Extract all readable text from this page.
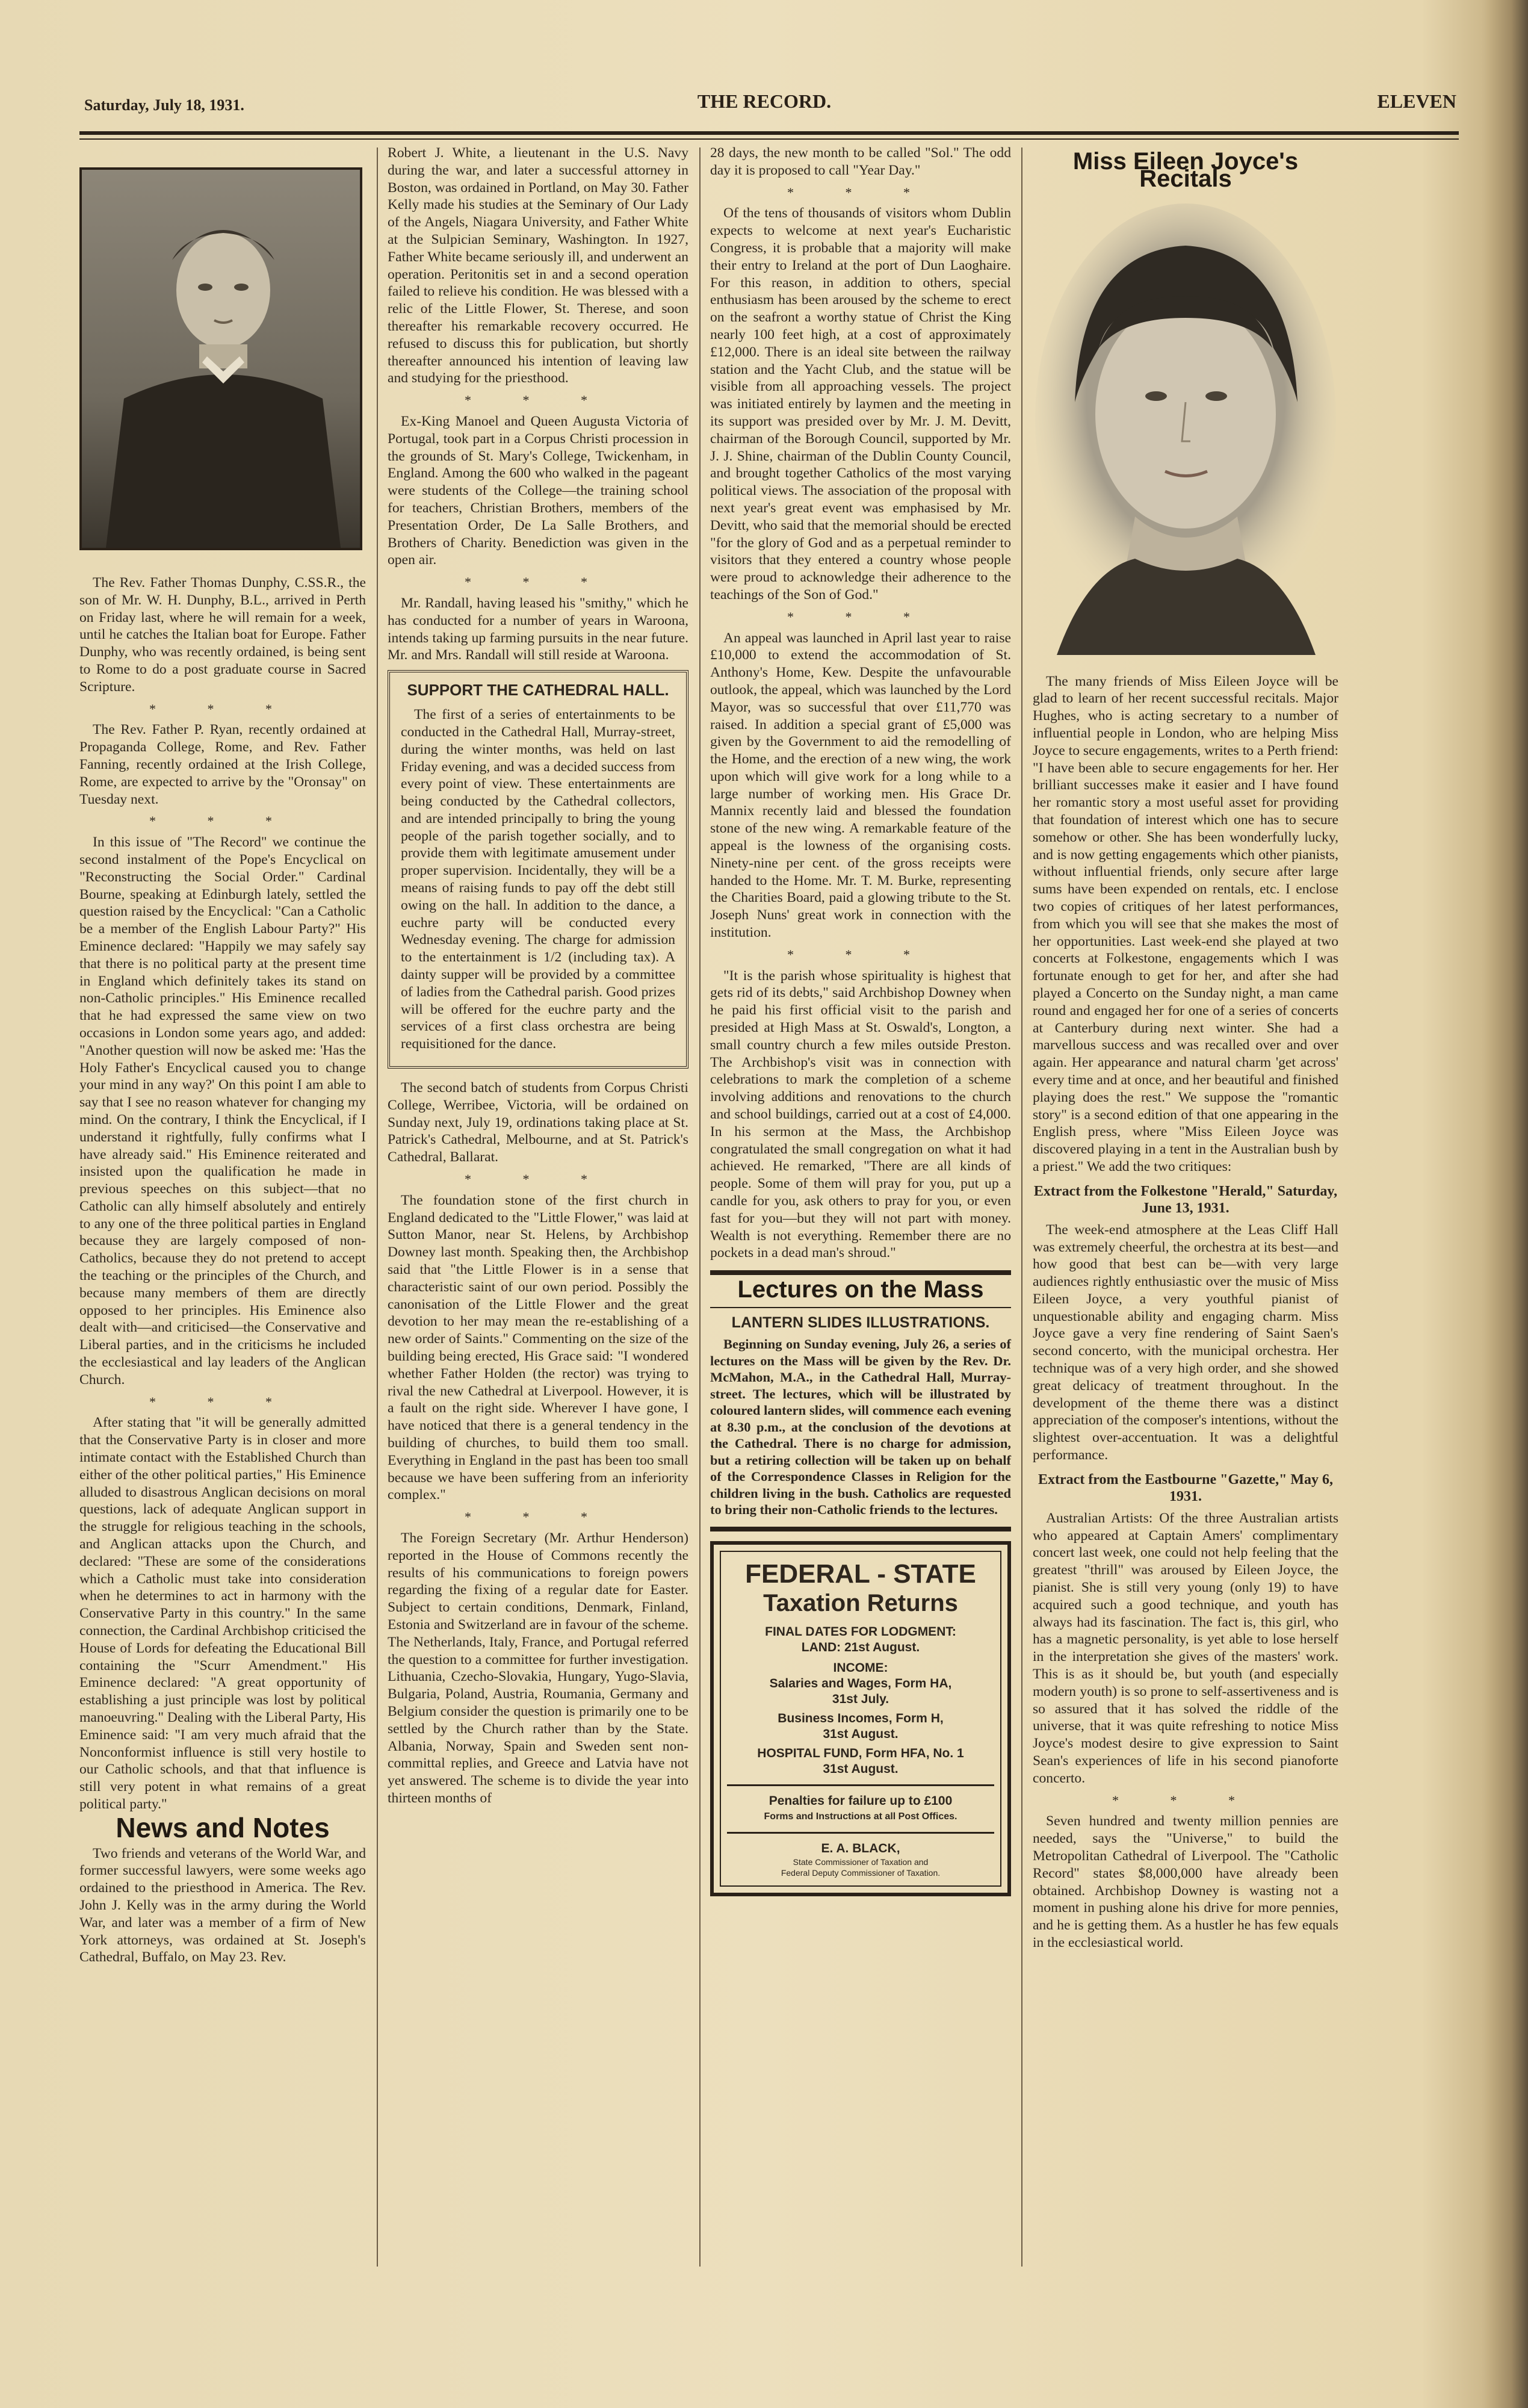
Saturday, July 18, 1931.	THE RECORD.	ELEVEN

The Rev. Father Thomas Dunphy, C.SS.R., the son of Mr. W. H. Dunphy, B.L., arrived in Perth on Friday last, where he will remain for a week, until he catches the Italian boat for Europe. Father Dunphy, who was recently ordained, is being sent to Rome to do a post graduate course in Sacred Scripture.

* * *

The Rev. Father P. Ryan, recently ordained at Propaganda College, Rome, and Rev. Father Fanning, recently ordained at the Irish College, Rome, are expected to arrive by the "Oronsay" on Tuesday next.

* * *

In this issue of "The Record" we continue the second instalment of the Pope's Encyclical on "Reconstructing the Social Order." Cardinal Bourne, speaking at Edinburgh lately, settled the question raised by the Encyclical: "Can a Catholic be a member of the English Labour Party?" His Eminence declared: "Happily we may safely say that there is no political party at the present time in England which definitely takes its stand on non-Catholic principles." His Eminence recalled that he had expressed the same view on two occasions in London some years ago, and added: "Another question will now be asked me: 'Has the Holy Father's Encyclical caused you to change your mind in any way?' On this point I am able to say that I see no reason whatever for changing my mind. On the contrary, I think the Encyclical, if I understand it rightfully, fully confirms what I have already said." His Eminence reiterated and insisted upon the qualification he made in previous speeches on this subject—that no Catholic can ally himself absolutely and entirely to any one of the three political parties in England because they are largely composed of non-Catholics, because they do not pretend to accept the teaching or the principles of the Church, and because many members of them are directly opposed to her principles. His Eminence also dealt with—and criticised—the Conservative and Liberal parties, and in the criticisms he included the ecclesiastical and lay leaders of the Anglican Church.

* * *

After stating that "it will be generally admitted that the Conservative Party is in closer and more intimate contact with the Established Church than either of the other political parties," His Eminence alluded to disastrous Anglican decisions on moral questions, lack of adequate Anglican support in the struggle for religious teaching in the schools, and Anglican attacks upon the Church, and declared: "These are some of the considerations which a Catholic must take into consideration when he determines to act in harmony with the Conservative Party in this country." In the same connection, the Cardinal Archbishop criticised the House of Lords for defeating the Educational Bill containing the "Scurr Amendment." His Eminence declared: "A great opportunity of establishing a just principle was lost by political manoeuvring." Dealing with the Liberal Party, His Eminence said: "I am very much afraid that the Nonconformist influence is still very hostile to our Catholic schools, and that that influence is still very potent in what remains of a great political party."

News and Notes

Two friends and veterans of the World War, and former successful lawyers, were some weeks ago ordained to the priesthood in America. The Rev. John J. Kelly was in the army during the World War, and later was a member of a firm of New York attorneys, was ordained at St. Joseph's Cathedral, Buffalo, on May 23. Rev.

Robert J. White, a lieutenant in the U.S. Navy during the war, and later a successful attorney in Boston, was ordained in Portland, on May 30. Father Kelly made his studies at the Seminary of Our Lady of the Angels, Niagara University, and Father White at the Sulpician Seminary, Washington. In 1927, Father White became seriously ill, and underwent an operation. Peritonitis set in and a second operation failed to relieve his condition. He was blessed with a relic of the Little Flower, St. Therese, and soon thereafter his remarkable recovery occurred. He refused to discuss this for publication, but shortly thereafter announced his intention of leaving law and studying for the priesthood.

* * *

Ex-King Manoel and Queen Augusta Victoria of Portugal, took part in a Corpus Christi procession in the grounds of St. Mary's College, Twickenham, in England. Among the 600 who walked in the pageant were students of the College—the training school for teachers, Christian Brothers, members of the Presentation Order, De La Salle Brothers, and Brothers of Charity. Benediction was given in the open air.

* * *

Mr. Randall, having leased his "smithy," which he has conducted for a number of years in Waroona, intends taking up farming pursuits in the near future. Mr. and Mrs. Randall will still reside at Waroona.

SUPPORT THE CATHEDRAL HALL.

The first of a series of entertainments to be conducted in the Cathedral Hall, Murray-street, during the winter months, was held on last Friday evening, and was a decided success from every point of view. These entertainments are being conducted by the Cathedral collectors, and are intended principally to bring the young people of the parish together socially, and to provide them with legitimate amusement under proper supervision. Incidentally, they will be a means of raising funds to pay off the debt still owing on the hall. In addition to the dance, a euchre party will be conducted every Wednesday evening. The charge for admission to the entertainment is 1/2 (including tax). A dainty supper will be provided by a committee of ladies from the Cathedral parish. Good prizes will be offered for the euchre party and the services of a first class orchestra are being requisitioned for the dance.

The second batch of students from Corpus Christi College, Werribee, Victoria, will be ordained on Sunday next, July 19, ordinations taking place at St. Patrick's Cathedral, Melbourne, and at St. Patrick's Cathedral, Ballarat.

* * *

The foundation stone of the first church in England dedicated to the "Little Flower," was laid at Sutton Manor, near St. Helens, by Archbishop Downey last month. Speaking then, the Archbishop said that "the Little Flower is in a sense that characteristic saint of our own period. Possibly the canonisation of the Little Flower and the great devotion to her may mean the re-establishing of a new order of Saints." Commenting on the size of the building being erected, His Grace said: "I wondered whether Father Holden (the rector) was trying to rival the new Cathedral at Liverpool. However, it is a fault on the right side. Wherever I have gone, I have noticed that there is a general tendency in the building of churches, to build them too small. Everything in England in the past has been too small because we have been suffering from an inferiority complex."

* * *

The Foreign Secretary (Mr. Arthur Henderson) reported in the House of Commons recently the results of his communications to foreign powers regarding the fixing of a regular date for Easter. Subject to certain conditions, Denmark, Finland, Estonia and Switzerland are in favour of the scheme. The Netherlands, Italy, France, and Portugal referred the question to a committee for further investigation. Lithuania, Czecho-Slovakia, Hungary, Yugo-Slavia, Bulgaria, Poland, Austria, Roumania, Germany and Belgium consider the question is primarily one to be settled by the Church rather than by the State. Albania, Norway, Spain and Sweden sent non-committal replies, and Greece and Latvia have not yet answered. The scheme is to divide the year into thirteen months of

28 days, the new month to be called "Sol." The odd day it is proposed to call "Year Day."

* * *

Of the tens of thousands of visitors whom Dublin expects to welcome at next year's Eucharistic Congress, it is probable that a majority will make their entry to Ireland at the port of Dun Laoghaire. For this reason, in addition to others, special enthusiasm has been aroused by the scheme to erect on the seafront a worthy statue of Christ the King nearly 100 feet high, at a cost of approximately £12,000. There is an ideal site between the railway station and the Yacht Club, and the statue will be visible from all approaching vessels. The project was initiated entirely by laymen and the meeting in its support was presided over by Mr. J. M. Devitt, chairman of the Borough Council, supported by Mr. J. J. Shine, chairman of the Dublin County Council, and brought together Catholics of the most varying political views. The association of the proposal with next year's great event was emphasised by Mr. Devitt, who said that the memorial should be erected "for the glory of God and as a perpetual reminder to visitors that they entered a country whose people were proud to acknowledge their adherence to the teachings of the Son of God."

* * *

An appeal was launched in April last year to raise £10,000 to extend the accommodation of St. Anthony's Home, Kew. Despite the unfavourable outlook, the appeal, which was launched by the Lord Mayor, was so successful that over £11,770 was raised. In addition a special grant of £5,000 was given by the Government to aid the remodelling of the Home, and the erection of a new wing, the work upon which will give work for a long while to a large number of working men. His Grace Dr. Mannix recently laid and blessed the foundation stone of the new wing. A remarkable feature of the appeal is the lowness of the organising costs. Ninety-nine per cent. of the gross receipts were handed to the Home. Mr. T. M. Burke, representing the Charities Board, paid a glowing tribute to the St. Joseph Nuns' great work in connection with the institution.

* * *

"It is the parish whose spirituality is highest that gets rid of its debts," said Archbishop Downey when he paid his first official visit to the parish and presided at High Mass at St. Oswald's, Longton, a small country church a few miles outside Preston. The Archbishop's visit was in connection with celebrations to mark the completion of a scheme involving additions and renovations to the church and school buildings, carried out at a cost of £4,000. In his sermon at the Mass, the Archbishop congratulated the small congregation on what it had achieved. He remarked, "There are all kinds of people. Some of them will pray for you, put up a candle for you, ask others to pray for you, or even fast for you—but they will not part with money. Wealth is not everything. Remember there are no pockets in a dead man's shroud."

Lectures on the Mass
LANTERN SLIDES ILLUSTRATIONS.

Beginning on Sunday evening, July 26, a series of lectures on the Mass will be given by the Rev. Dr. McMahon, M.A., in the Cathedral Hall, Murray-street. The lectures, which will be illustrated by coloured lantern slides, will commence each evening at 8.30 p.m., at the conclusion of the devotions at the Cathedral. There is no charge for admission, but a retiring collection will be taken up on behalf of the Correspondence Classes in Religion for the children living in the bush. Catholics are requested to bring their non-Catholic friends to the lectures.

FEDERAL - STATE
Taxation Returns
FINAL DATES FOR LODGMENT:
LAND: 21st August.
INCOME:
Salaries and Wages, Form HA,
31st July.
Business Incomes, Form H,
31st August.
HOSPITAL FUND, Form HFA, No. 1
31st August.
Penalties for failure up to £100
Forms and Instructions at all Post Offices.
E. A. BLACK,
State Commissioner of Taxation and
Federal Deputy Commissioner of Taxation.
Miss Eileen Joyce's Recitals

The many friends of Miss Eileen Joyce will be glad to learn of her recent successful recitals. Major Hughes, who is acting secretary to a number of influential people in London, who are helping Miss Joyce to secure engagements, writes to a Perth friend: "I have been able to secure engagements for her. Her brilliant successes make it easier and I have found her romantic story a most useful asset for providing that foundation of interest which one has to secure somehow or other. She has been wonderfully lucky, and is now getting engagements which other pianists, without influential friends, only secure after large sums have been expended on rentals, etc. I enclose two copies of critiques of her latest performances, from which you will see that she makes the most of her opportunities. Last week-end she played at two concerts at Folkestone, engagements which I was fortunate enough to get for her, and after she had played a Concerto on the Sunday night, a man came round and engaged her for one of a series of concerts at Canterbury during next winter. She had a marvellous success and was recalled over and over again. Her appearance and natural charm 'get across' every time and at once, and her beautiful and finished playing does the rest." We suppose the "romantic story" is a second edition of that one appearing in the English press, where "Miss Eileen Joyce was discovered playing in a tent in the Australian bush by a priest." We add the two critiques:

Extract from the Folkestone "Herald," Saturday, June 13, 1931.

The week-end atmosphere at the Leas Cliff Hall was extremely cheerful, the orchestra at its best—and how good that best can be—with very large audiences rightly enthusiastic over the music of Miss Eileen Joyce, a very youthful pianist of unquestionable ability and engaging charm. Miss Joyce gave a very fine rendering of Saint Saen's second concerto, with the municipal orchestra. Her technique was of a very high order, and she showed great delicacy of treatment throughout. In the development of the theme there was a distinct appreciation of the composer's intentions, without the slightest over-accentuation. It was a delightful performance.

Extract from the Eastbourne "Gazette," May 6, 1931.

Australian Artists: Of the three Australian artists who appeared at Captain Amers' complimentary concert last week, one could not help feeling that the greatest "thrill" was aroused by Eileen Joyce, the pianist. She is still very young (only 19) to have acquired such a good technique, and youth has always had its fascination. The fact is, this girl, who has a magnetic personality, is yet able to lose herself in the interpretation she gives of the masters' work. This is as it should be, but youth (and especially modern youth) is so prone to self-assertiveness and is so assured that it has solved the riddle of the universe, that it was quite refreshing to notice Miss Joyce's modest desire to give expression to Saint Sean's experiences of life in his second pianoforte concerto.

* * *

Seven hundred and twenty million pennies are needed, says the "Universe," to build the Metropolitan Cathedral of Liverpool. The "Catholic Record" states $8,000,000 have already been obtained. Archbishop Downey is wasting not a moment in pushing alone his drive for more pennies, and he is getting them. As a hustler he has few equals in the ecclesiastical world.
